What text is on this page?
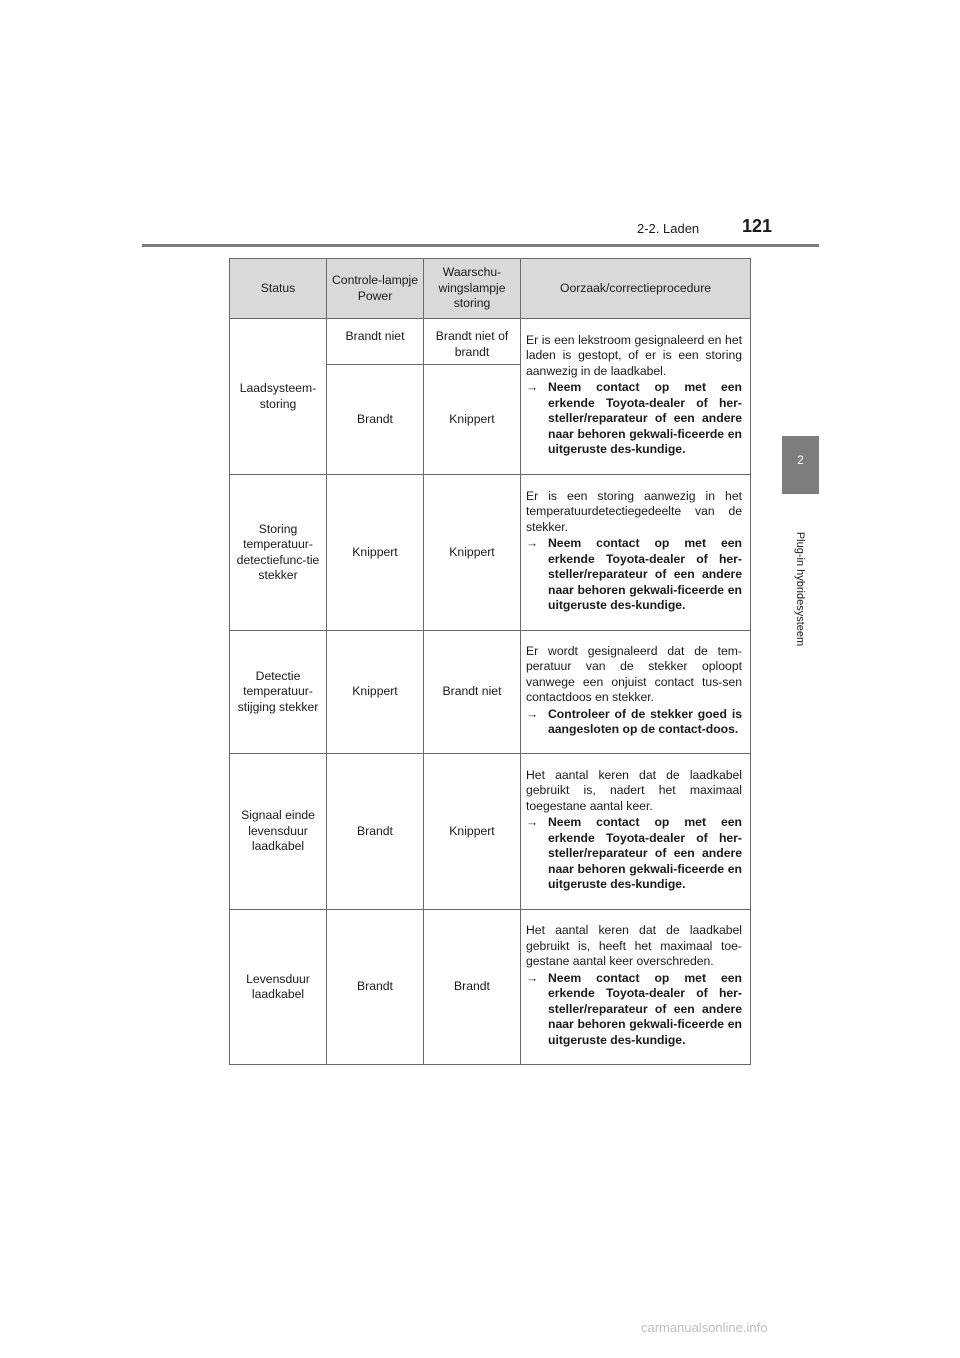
2-2. Laden 121
2
Plug-in hybridesysteem
Status	Controle-lampje Power	Waarschu-wingslampje storing	Oorzaak/correctieprocedure
Laadsysteem-storing	Brandt niet	Brandt niet of brandt	Er is een lekstroom gesignaleerd en het laden is gestopt, of er is een storing aanwezig in de laadkabel.

→ Neem contact op met een erkende Toyota-dealer of her-steller/reparateur of een andere naar behoren gekwali-ficeerde en uitgeruste des-kundige.

	Brandt	Knippert	
Storing temperatuur-detectiefunc-tie stekker	Knippert	Knippert	Er is een storing aanwezig in het temperatuurdetectiegedeelte van de stekker.

→ Neem contact op met een erkende Toyota-dealer of her-steller/reparateur of een andere naar behoren gekwali-ficeerde en uitgeruste des-kundige.

Detectie temperatuur-stijging stekker	Knippert	Brandt niet	Er wordt gesignaleerd dat de tem-peratuur van de stekker oploopt vanwege een onjuist contact tus-sen contactdoos en stekker.

→ Controleer of de stekker goed is aangesloten op de contact-doos.

Signaal einde levensduur laadkabel	Brandt	Knippert	Het aantal keren dat de laadkabel gebruikt is, nadert het maximaal toegestane aantal keer.

→ Neem contact op met een erkende Toyota-dealer of her-steller/reparateur of een andere naar behoren gekwali-ficeerde en uitgeruste des-kundige.

Levensduur laadkabel	Brandt	Brandt	Het aantal keren dat de laadkabel gebruikt is, heeft het maximaal toe-gestane aantal keer overschreden.

→ Neem contact op met een erkende Toyota-dealer of her-steller/reparateur of een andere naar behoren gekwali-ficeerde en uitgeruste des-kundige.
carmanualsonline.info
